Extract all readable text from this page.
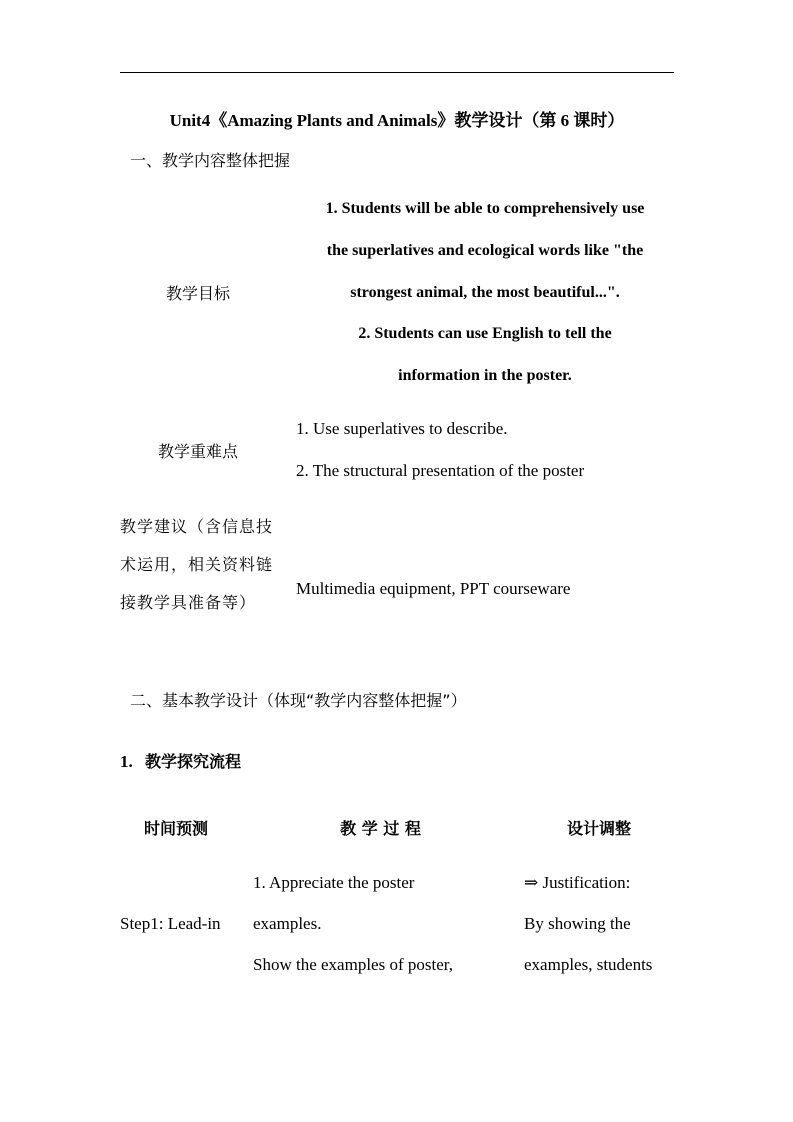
Unit4《Amazing Plants and Animals》教学设计（第 6 课时）
一、教学内容整体把握
教学目标
1. Students will be able to comprehensively use
the superlatives and ecological words like "the
strongest animal, the most beautiful...".
2. Students can use English to tell the
information in the poster.
教学重难点
1. Use superlatives to describe.
2. The structural presentation of the poster
教学建议（含信息技术运用，相关资料链接教学具准备等）
Multimedia equipment, PPT courseware
二、基本教学设计（体现“教学内容整体把握”）
1. 教学探究流程
时间预测	教 学 过 程	设计调整
Step1: Lead-in
1. Appreciate the poster
examples.
Show the examples of poster,
⇒ Justification:
By showing the
examples, students
